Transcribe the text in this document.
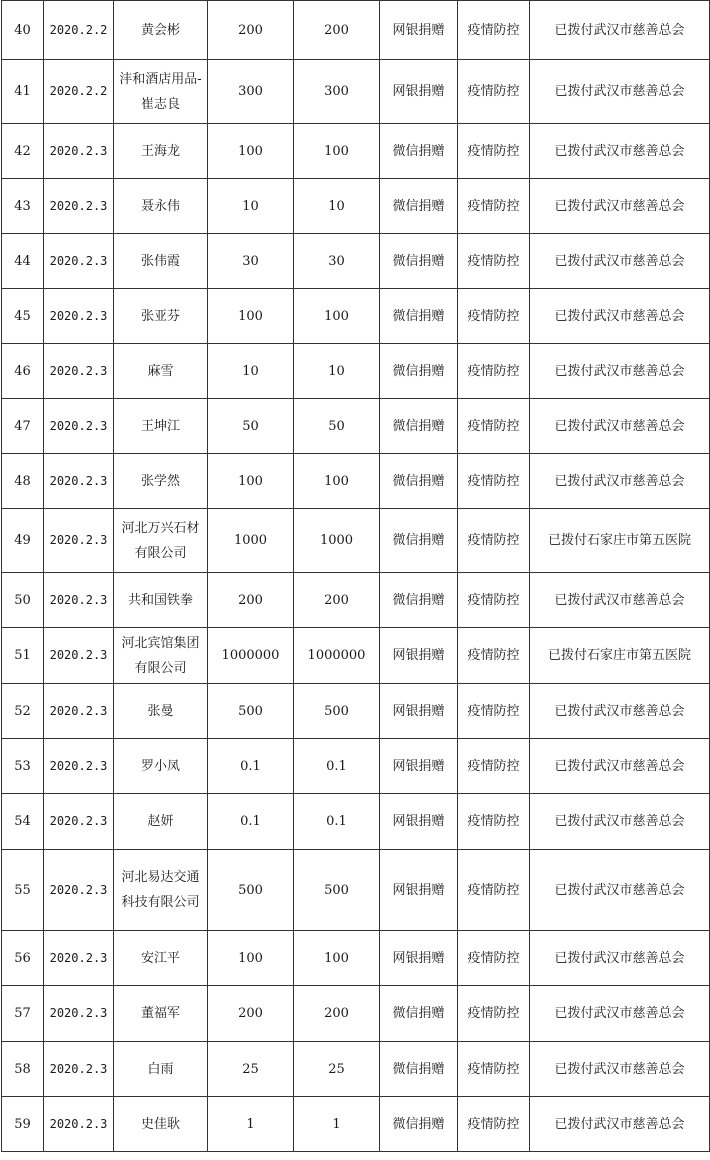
40	2020.2.2	黄会彬	200	200	网银捐赠	疫情防控	已拨付武汉市慈善总会
41	2020.2.2	沣和酒店用品-崔志良	300	300	网银捐赠	疫情防控	已拨付武汉市慈善总会
42	2020.2.3	王海龙	100	100	微信捐赠	疫情防控	已拨付武汉市慈善总会
43	2020.2.3	聂永伟	10	10	微信捐赠	疫情防控	已拨付武汉市慈善总会
44	2020.2.3	张伟霞	30	30	微信捐赠	疫情防控	已拨付武汉市慈善总会
45	2020.2.3	张亚芬	100	100	微信捐赠	疫情防控	已拨付武汉市慈善总会
46	2020.2.3	麻雪	10	10	微信捐赠	疫情防控	已拨付武汉市慈善总会
47	2020.2.3	王坤江	50	50	微信捐赠	疫情防控	已拨付武汉市慈善总会
48	2020.2.3	张学然	100	100	微信捐赠	疫情防控	已拨付武汉市慈善总会
49	2020.2.3	河北万兴石材有限公司	1000	1000	微信捐赠	疫情防控	已拨付石家庄市第五医院
50	2020.2.3	共和国铁拳	200	200	微信捐赠	疫情防控	已拨付武汉市慈善总会
51	2020.2.3	河北宾馆集团有限公司	1000000	1000000	网银捐赠	疫情防控	已拨付石家庄市第五医院
52	2020.2.3	张曼	500	500	网银捐赠	疫情防控	已拨付武汉市慈善总会
53	2020.2.3	罗小凤	0.1	0.1	网银捐赠	疫情防控	已拨付武汉市慈善总会
54	2020.2.3	赵妍	0.1	0.1	网银捐赠	疫情防控	已拨付武汉市慈善总会
55	2020.2.3	河北易达交通科技有限公司	500	500	网银捐赠	疫情防控	已拨付武汉市慈善总会
56	2020.2.3	安江平	100	100	网银捐赠	疫情防控	已拨付武汉市慈善总会
57	2020.2.3	董福军	200	200	微信捐赠	疫情防控	已拨付武汉市慈善总会
58	2020.2.3	白雨	25	25	微信捐赠	疫情防控	已拨付武汉市慈善总会
59	2020.2.3	史佳耿	1	1	微信捐赠	疫情防控	已拨付武汉市慈善总会
